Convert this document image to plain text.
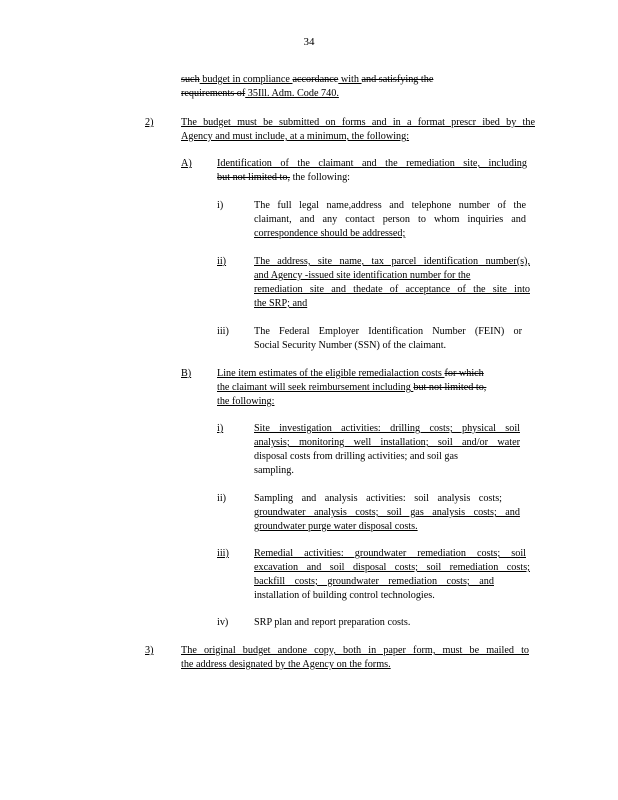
34
such budget in compliance accordance with and satisfying the
requirements of 35Ill. Adm. Code 740.
2)	The budget must be submitted on forms and in a format prescr ibed by the
Agency and must include, at a minimum, the following:
A) Identification of the claimant and the remediation site, including
but not limited to, the following:
i)	The full legal name,address and telephone number of the
claimant, and any contact person to whom inquiries and
correspondence should be addressed;
ii)	The address, site name, tax parcel identification number(s),
and Agency -issued site identification number for the
remediation site and thedate of acceptance of the site into
the SRP; and
iii) The Federal Employer Identification Number (FEIN) or
Social Security Number (SSN) of the claimant.
B)	Line item estimates of the eligible remedialaction costs for which
the claimant will seek reimbursement including but not limited to,
the following:
i)	Site investigation activities: drilling costs; physical soil
analysis; monitoring well installation; soil and/or water
disposal costs from drilling activities; and soil gas
sampling.
ii)	Sampling and analysis activities: soil analysis costs;
groundwater analysis costs; soil gas analysis costs; and
groundwater purge water disposal costs.
iii) Remedial activities: groundwater remediation costs; soil
excavation and soil disposal costs; soil remediation costs;
backfill costs; groundwater remediation costs; and
installation of building control technologies.
iv)	SRP plan and report preparation costs.
3)	The original budget andone copy, both in paper form, must be mailed to
the address designated by the Agency on the forms.
